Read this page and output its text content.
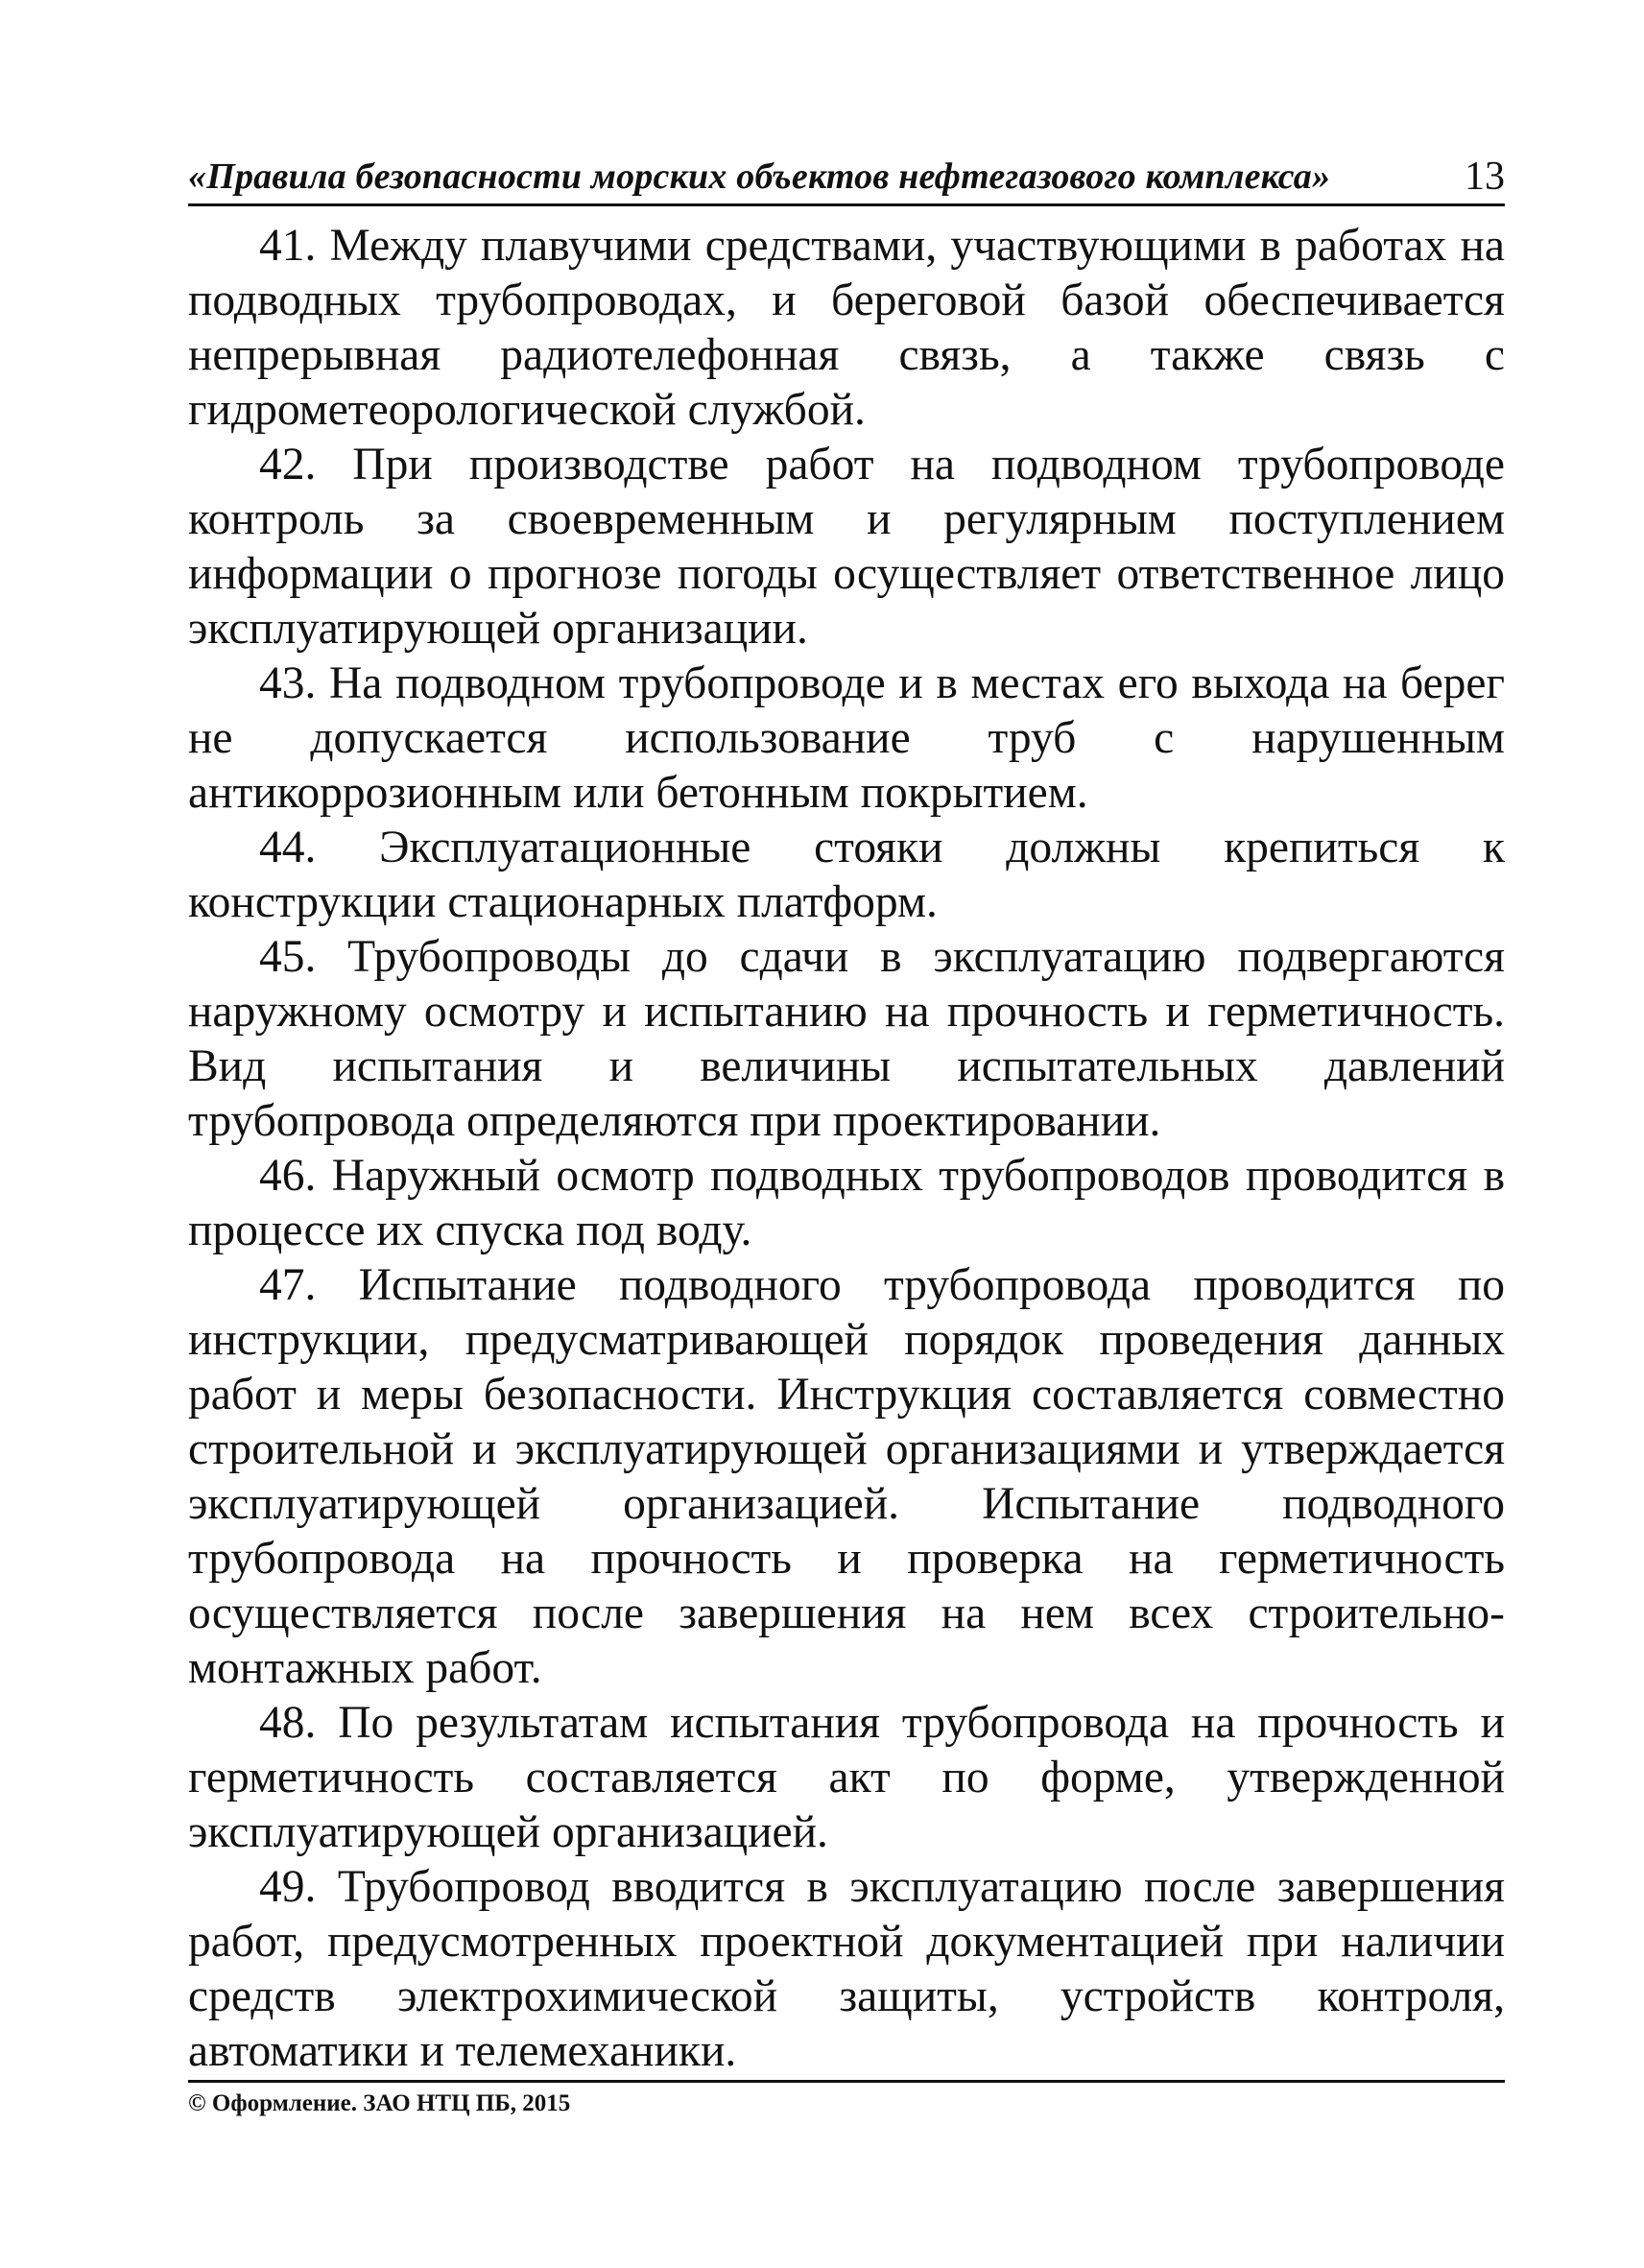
«Правила безопасности морских объектов нефтегазового комплекса»	13

41. Между плавучими средствами, участвующими в работах на подводных трубопроводах, и береговой базой обеспечивается непрерывная радиотелефонная связь, а также связь с гидрометеорологической службой.

42. При производстве работ на подводном трубопроводе контроль за своевременным и регулярным поступлением информации о прогнозе погоды осуществляет ответственное лицо эксплуатирующей организации.

43. На подводном трубопроводе и в местах его выхода на берег не допускается использование труб с нарушенным антикоррозионным или бетонным покрытием.

44. Эксплуатационные стояки должны крепиться к конструкции стационарных платформ.

45. Трубопроводы до сдачи в эксплуатацию подвергаются наружному осмотру и испытанию на прочность и герметичность. Вид испытания и величины испытательных давлений трубопровода определяются при проектировании.

46. Наружный осмотр подводных трубопроводов проводится в процессе их спуска под воду.

47. Испытание подводного трубопровода проводится по инструкции, предусматривающей порядок проведения данных работ и меры безопасности. Инструкция составляется совместно строительной и эксплуатирующей организациями и утверждается эксплуатирующей организацией. Испытание подводного трубопровода на прочность и проверка на герметичность осуществляется после завершения на нем всех строительно-монтажных работ.

48. По результатам испытания трубопровода на прочность и герметичность составляется акт по форме, утвержденной эксплуатирующей организацией.

49. Трубопровод вводится в эксплуатацию после завершения работ, предусмотренных проектной документацией при наличии средств электрохимической защиты, устройств контроля, автоматики и телемеханики.

© Оформление. ЗАО НТЦ ПБ, 2015
